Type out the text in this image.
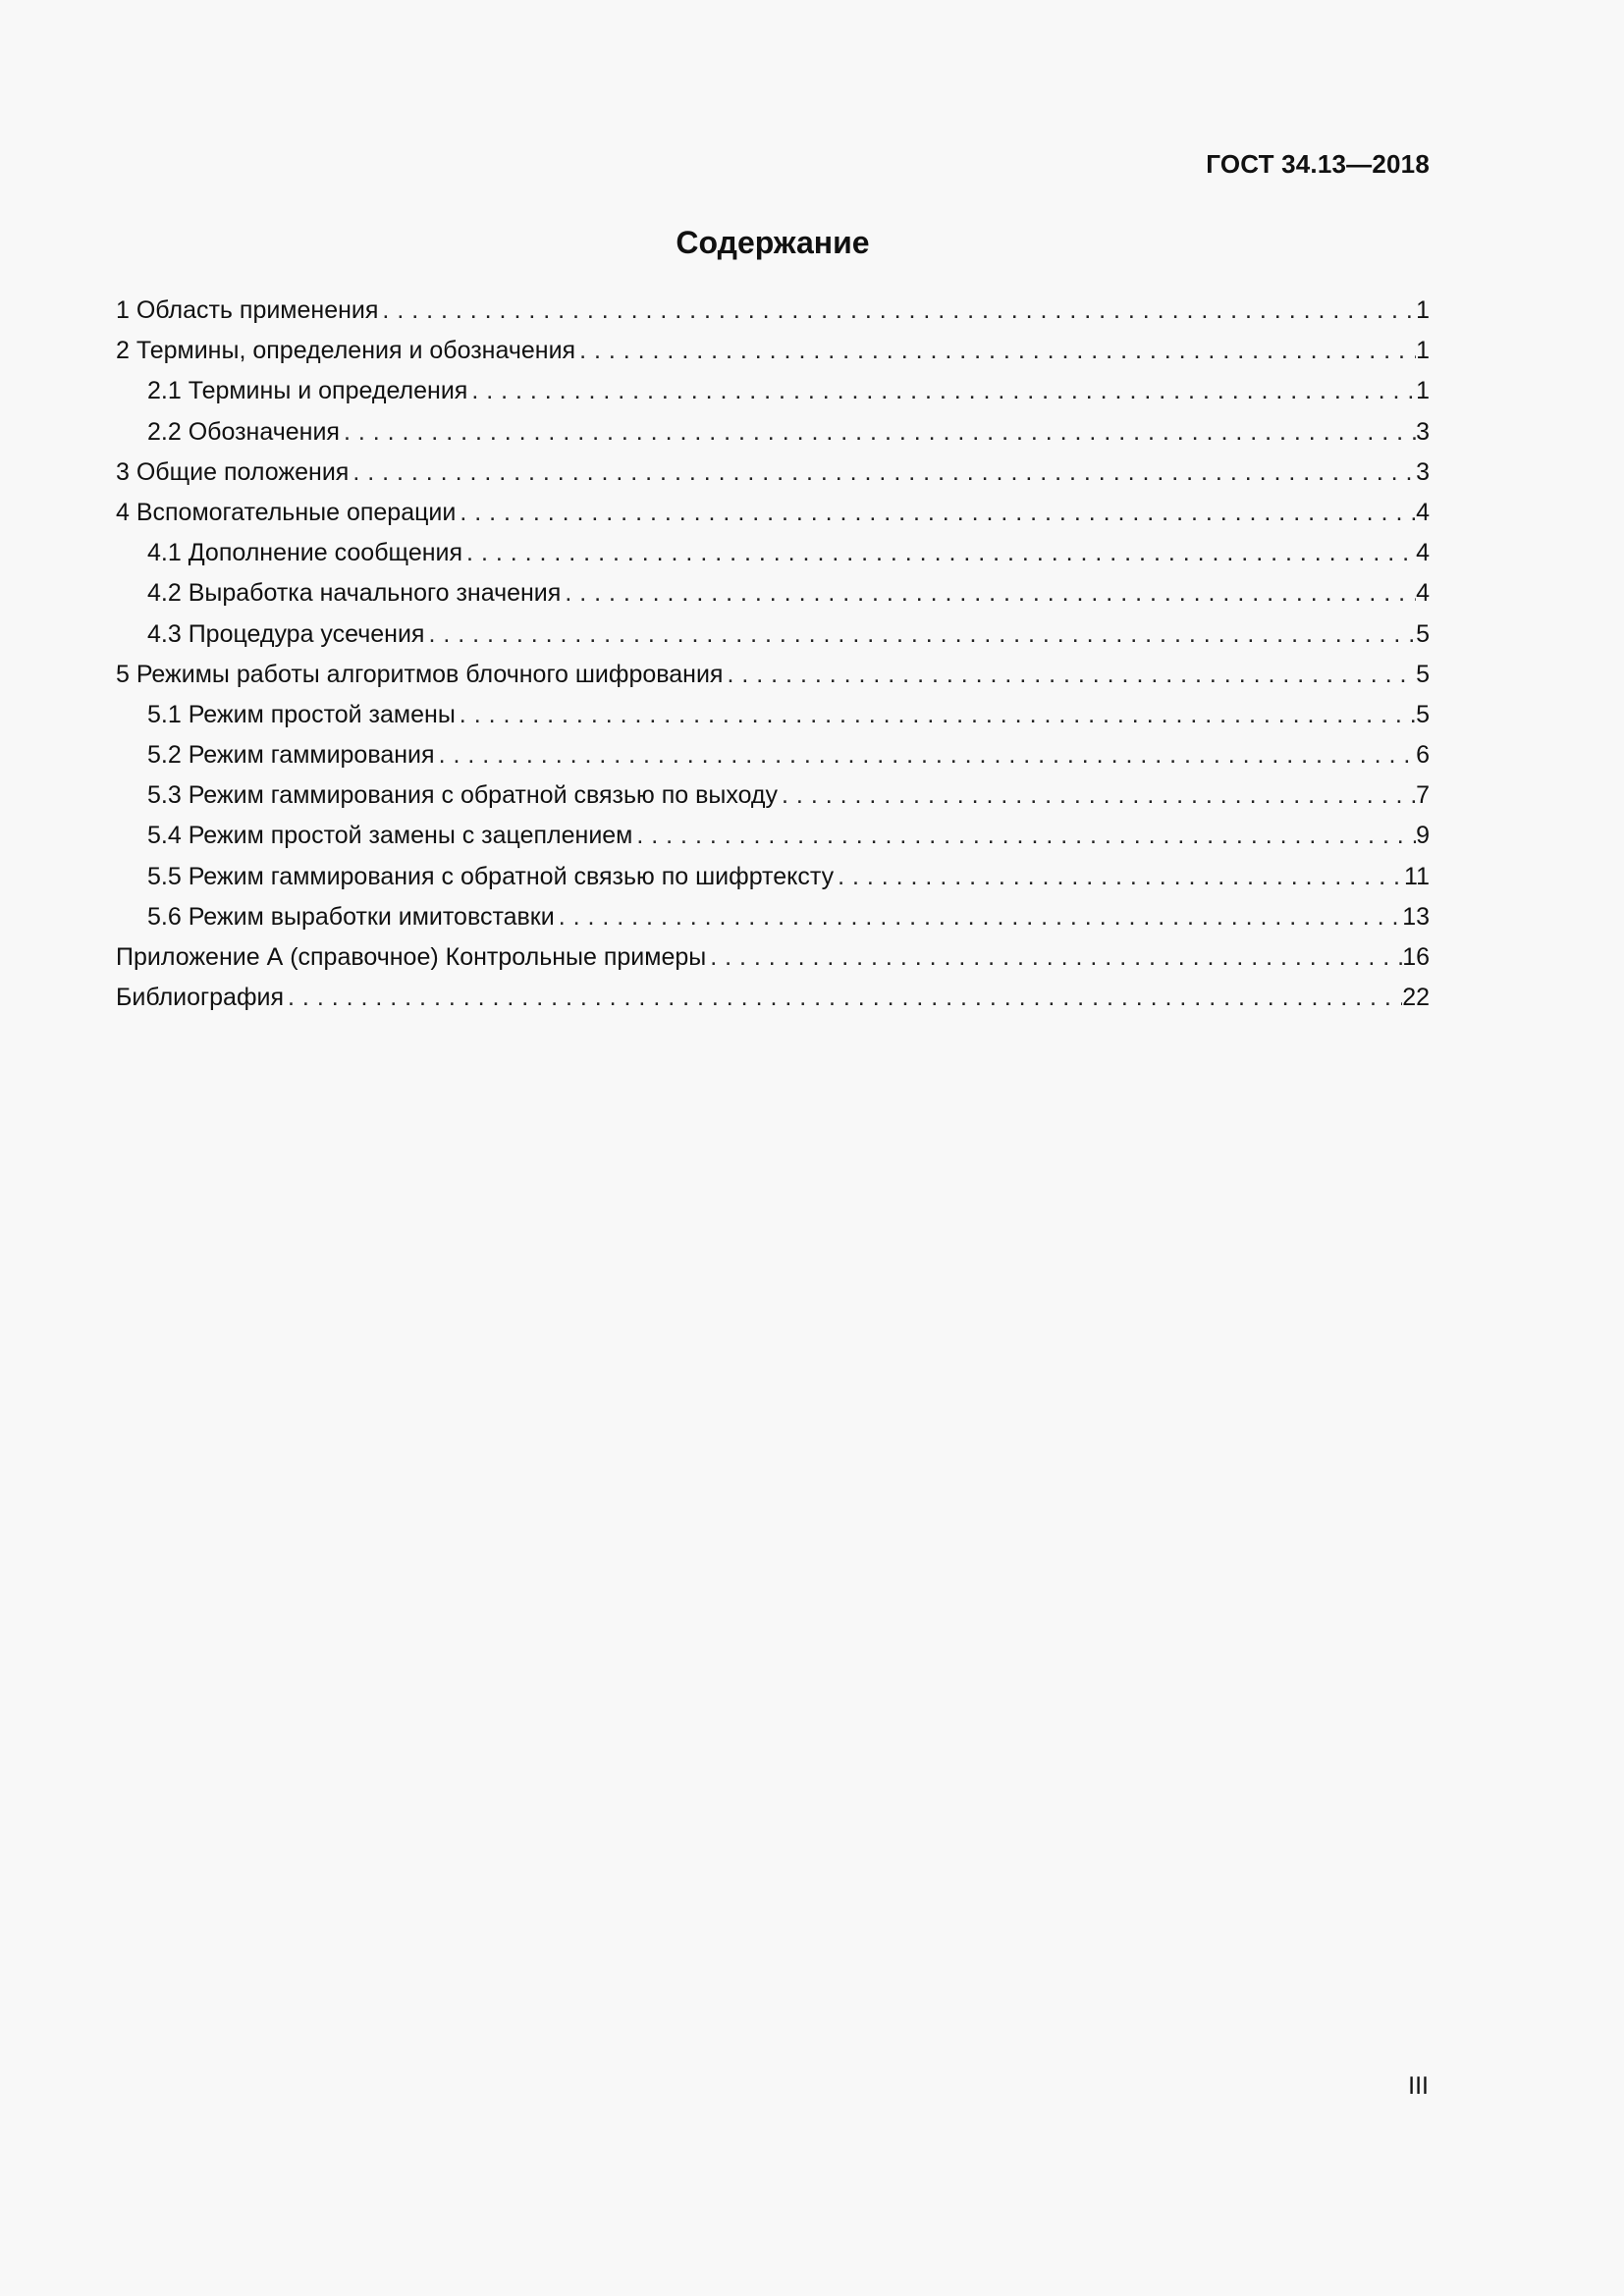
ГОСТ 34.13—2018
Содержание
1 Область применения . . .	1
2 Термины, определения и обозначения . . .	1
2.1 Термины и определения . . .	1
2.2 Обозначения . . .	3
3 Общие положения . . .	3
4 Вспомогательные операции . . .	4
4.1 Дополнение сообщения . . .	4
4.2 Выработка начального значения . . .	4
4.3 Процедура усечения . . .	5
5 Режимы работы алгоритмов блочного шифрования . . .	5
5.1 Режим простой замены . . .	5
5.2 Режим гаммирования . . .	6
5.3 Режим гаммирования с обратной связью по выходу . . .	7
5.4 Режим простой замены с зацеплением . . .	9
5.5 Режим гаммирования с обратной связью по шифртексту . . .	11
5.6 Режим выработки имитовставки . . .	13
Приложение А (справочное) Контрольные примеры . . .	16
Библиография . . .	22
III
